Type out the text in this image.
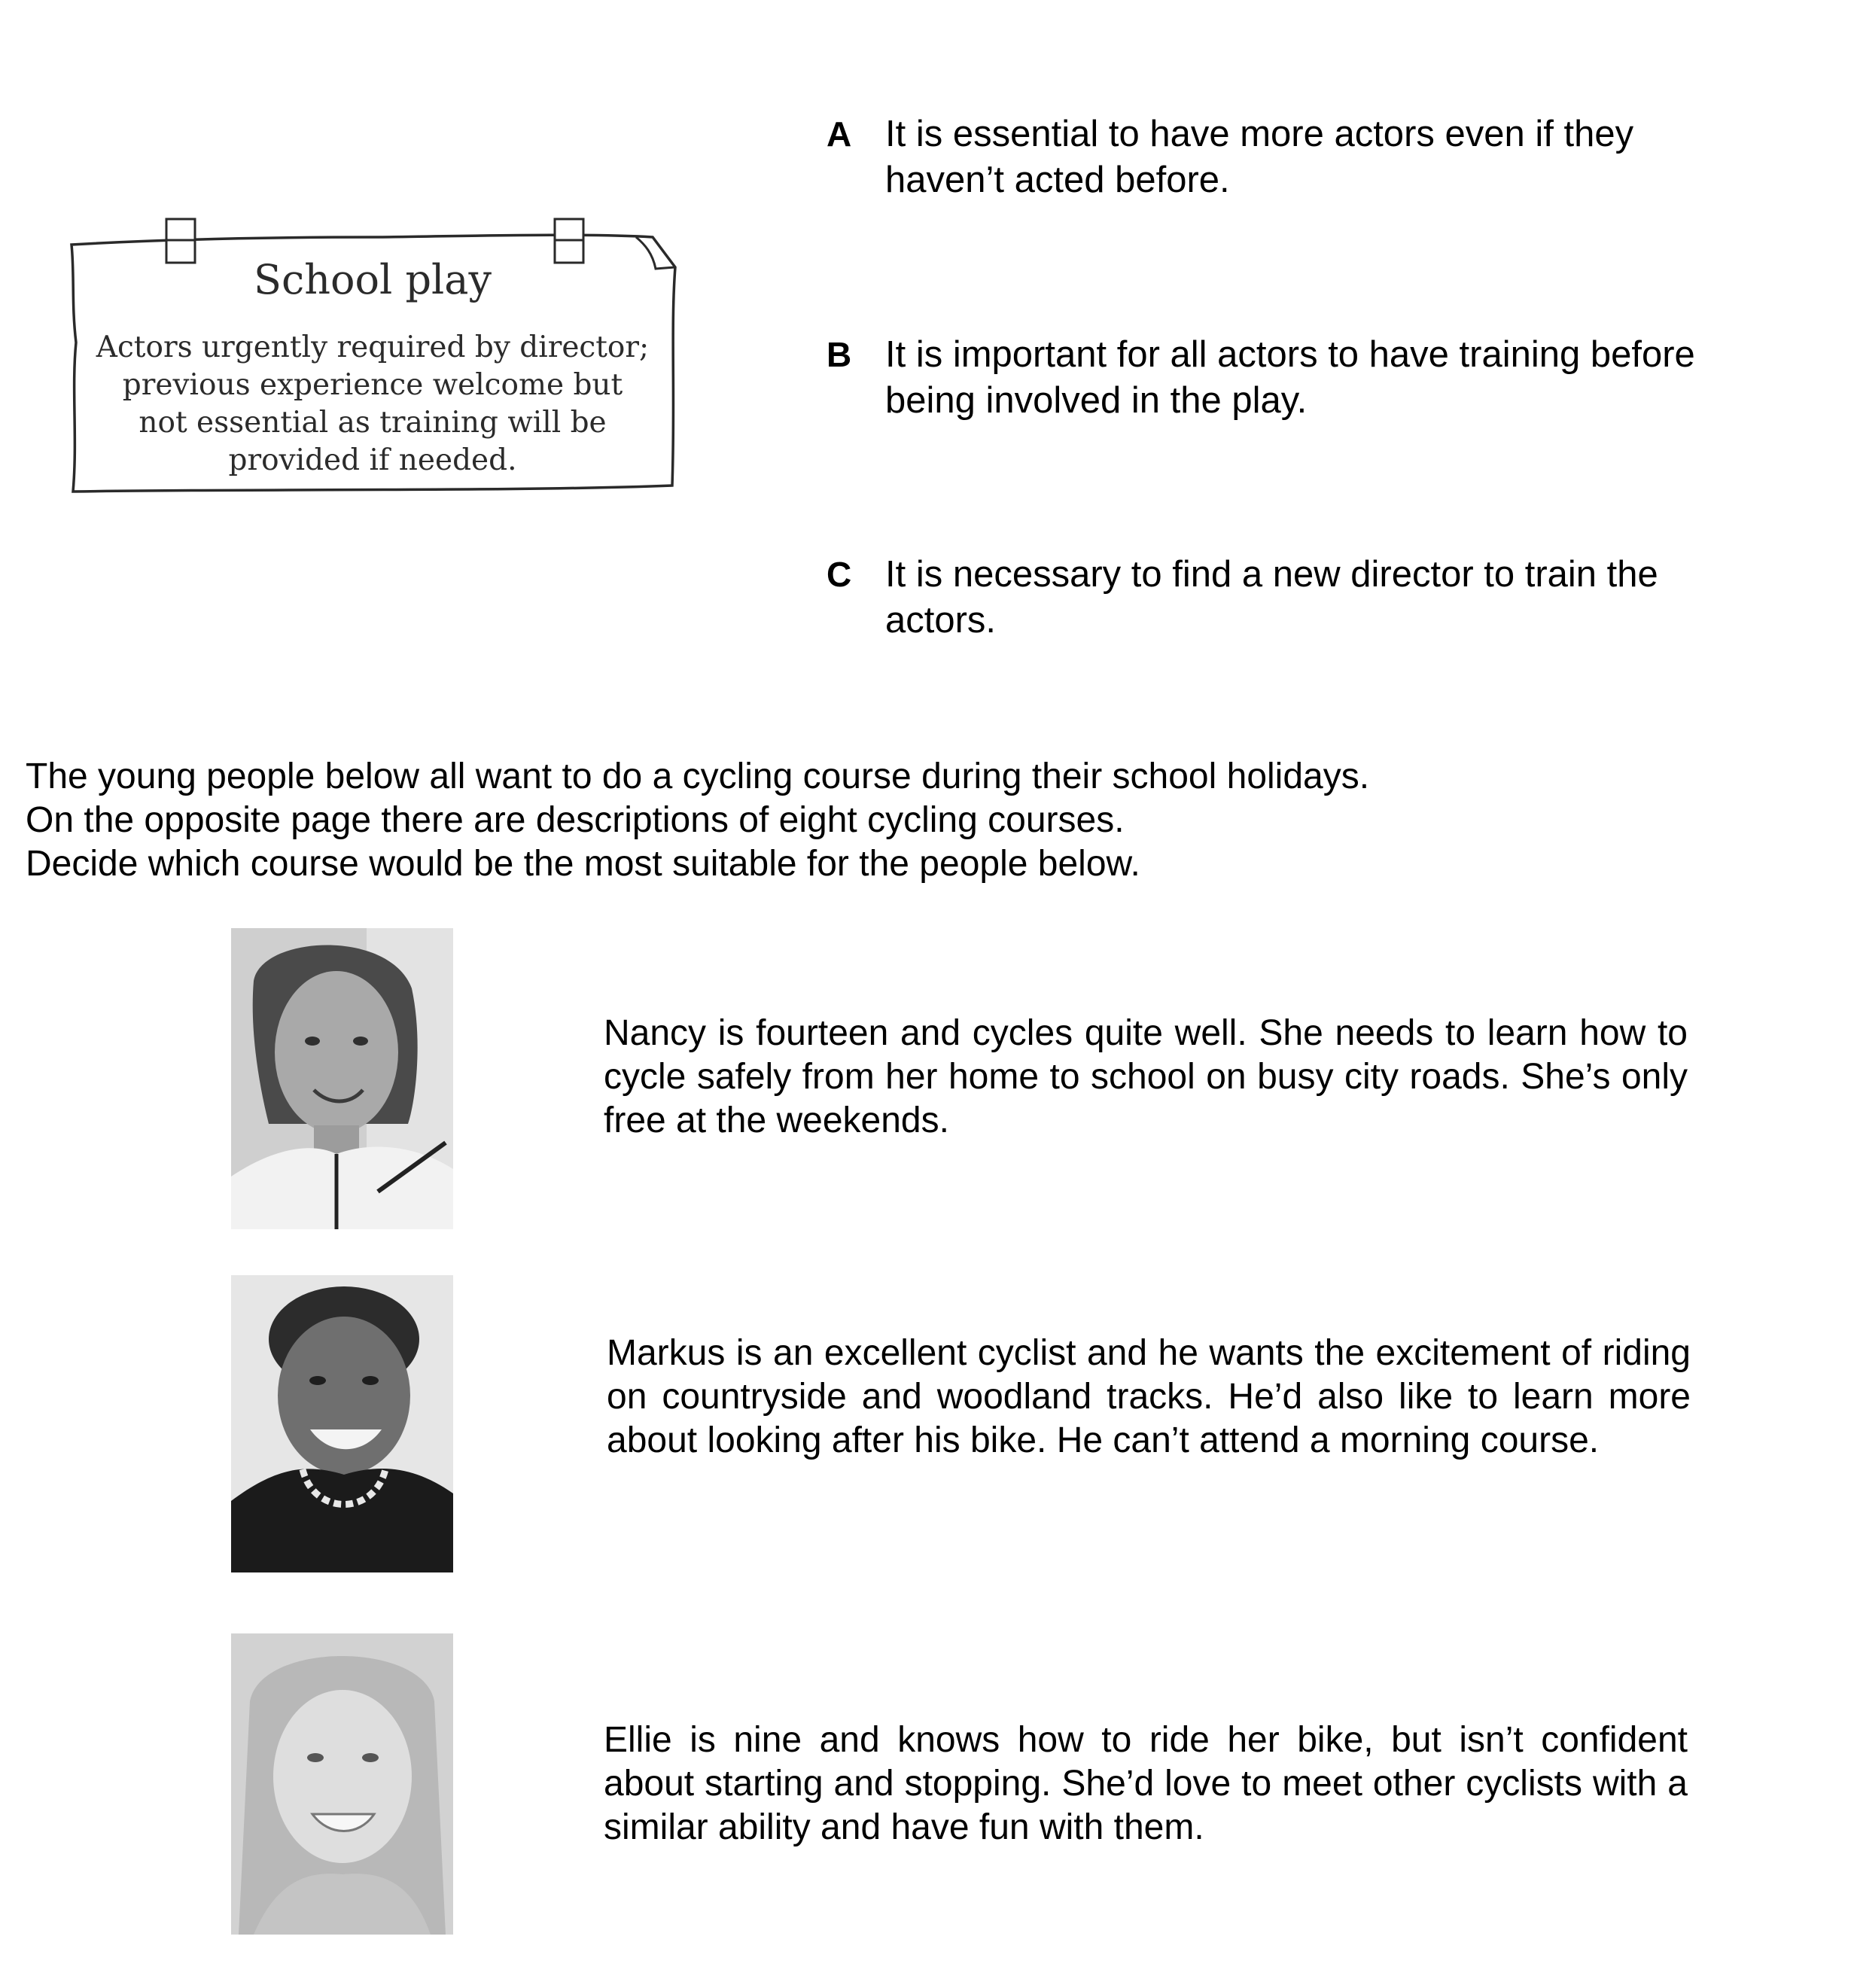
School play
Actors urgently required by director; previous experience welcome but not essential as training will be provided if needed.
A It is essential to have more actors even if they haven’t acted before.
B It is important for all actors to have training before being involved in the play.
C It is necessary to find a new director to train the actors.
The young people below all want to do a cycling course during their school holidays.
On the opposite page there are descriptions of eight cycling courses.
Decide which course would be the most suitable for the people below.
Nancy is fourteen and cycles quite well. She needs to learn how to cycle safely from her home to school on busy city roads. She’s only free at the weekends.
Markus is an excellent cyclist and he wants the excitement of riding on countryside and woodland tracks. He’d also like to learn more about looking after his bike. He can’t attend a morning course.
Ellie is nine and knows how to ride her bike, but isn’t confident about starting and stopping. She’d love to meet other cyclists with a similar ability and have fun with them.
